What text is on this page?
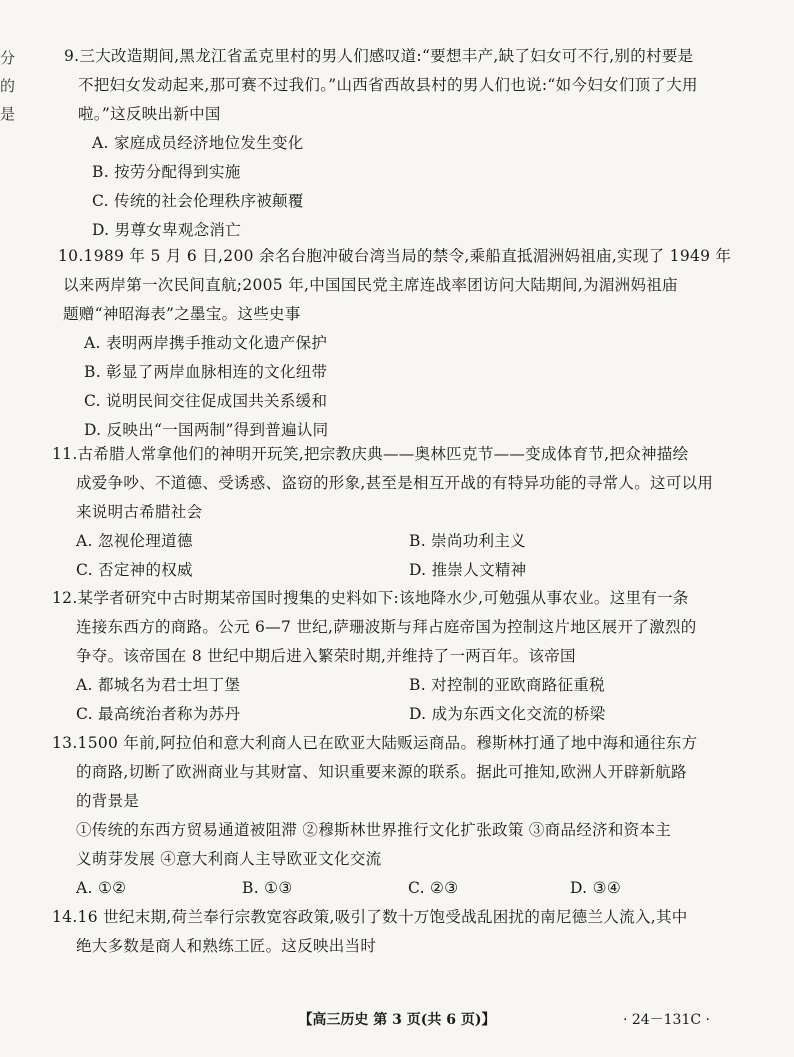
分
的
是
9.三大改造期间,黑龙江省孟克里村的男人们感叹道:“要想丰产,缺了妇女可不行,别的村要是
不把妇女发动起来,那可赛不过我们。”山西省西故县村的男人们也说:“如今妇女们顶了大用
啦。”这反映出新中国
A. 家庭成员经济地位发生变化
B. 按劳分配得到实施
C. 传统的社会伦理秩序被颠覆
D. 男尊女卑观念消亡
10.1989 年 5 月 6 日,200 余名台胞冲破台湾当局的禁令,乘船直抵湄洲妈祖庙,实现了 1949 年
以来两岸第一次民间直航;2005 年,中国国民党主席连战率团访问大陆期间,为湄洲妈祖庙
题赠“神昭海表”之墨宝。这些史事
A. 表明两岸携手推动文化遗产保护
B. 彰显了两岸血脉相连的文化纽带
C. 说明民间交往促成国共关系缓和
D. 反映出“一国两制”得到普遍认同
11.古希腊人常拿他们的神明开玩笑,把宗教庆典——奥林匹克节——变成体育节,把众神描绘
成爱争吵、不道德、受诱惑、盗窃的形象,甚至是相互开战的有特异功能的寻常人。这可以用
来说明古希腊社会
A. 忽视伦理道德	B. 崇尚功利主义
C. 否定神的权威	D. 推崇人文精神
12.某学者研究中古时期某帝国时搜集的史料如下:该地降水少,可勉强从事农业。这里有一条
连接东西方的商路。公元 6—7 世纪,萨珊波斯与拜占庭帝国为控制这片地区展开了激烈的
争夺。该帝国在 8 世纪中期后进入繁荣时期,并维持了一两百年。该帝国
A. 都城名为君士坦丁堡	B. 对控制的亚欧商路征重税
C. 最高统治者称为苏丹	D. 成为东西文化交流的桥梁
13.1500 年前,阿拉伯和意大利商人已在欧亚大陆贩运商品。穆斯林打通了地中海和通往东方
的商路,切断了欧洲商业与其财富、知识重要来源的联系。据此可推知,欧洲人开辟新航路
的背景是
①传统的东西方贸易通道被阻滞 ②穆斯林世界推行文化扩张政策 ③商品经济和资本主
义萌芽发展 ④意大利商人主导欧亚文化交流
A. ①②	B. ①③	C. ②③	D. ③④
14.16 世纪末期,荷兰奉行宗教宽容政策,吸引了数十万饱受战乱困扰的南尼德兰人流入,其中
绝大多数是商人和熟练工匠。这反映出当时
【高三历史 第 3 页(共 6 页)】	· 24－131C ·
